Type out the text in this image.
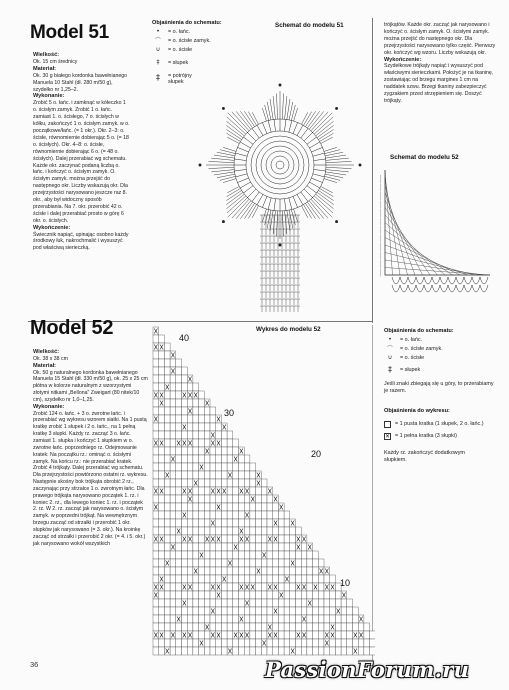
Model 51
Wielkość:
Ok. 15 cm średnicy
Materiał:
Ok. 30 g białego kordonka bawełnianego Manuela 10 Stahl (dł. 280 m/50 g), szydełko nr 1,25–2.
Wykonanie:
Zrobić 5 o. łańc. i zamknąć w kółeczko 1 o. ścisłym zamyk. Zrobić 1 o. łańc. zamiast 1. o. ścisłego, 7 o. ścisłych w kółku, zakończyć 1 o. ścisłym zamyk. w o. początkowe/łańc. (= 1 okr.). Okr. 2–3: o. ścisłe, równomiernie dobierając 5 o. (= 18 o. ścisłych). Okr. 4–8: o. ścisłe, równomiernie dobierając 6 o. (= 48 o. ścisłych). Dalej przerabiać wg schematu. Każde okr. zaczynać podaną liczbą o. łańc. i kończyć o. ścisłym zamyk. O. ścisłym zamyk. można przejść do następnego okr. Liczby wskazują okr. Dla przejrzystości narysowano jeszcze raz 8. okr., aby był widoczny sposób przerabiania. Na 7. okr. przerobić 42 o. ścisłe i dalej przerabiać prosto w górę 6 okr. o. ścisłych.
Wykończenie:
Świecznik napiąć, upinając osobno każdy środkowy łuk, nakrochmalić i wysuszyć pod właściwą sierieczką.
Objaśnienia do schematu:
•	= o. łańc.
⌒	= o. ścisłe zamyk.
∪	= o. ścisłe
‡	= słupek
‡	= potrójny słupek
Schemat do modelu 51	trójkątów. Każde okr. zacząć jak narysowano i kończyć o. ścisłym zamyk. O. ścisłymi zamyk. można przejść do następnego okr. Dla przejrzystości narysowano tylko część. Pierwszy okr. kończyć wg wzoru. Liczby wskazują okr.
Wykończenie:
Szydełkowe trójkąty napiąć i wysuszyć pod właściwymi sierieczkami. Położyć je na tkaninę, zostawiając od brzegu margines 1 cm na naddatek szwu. Brzegi tkaniny zabezpieczyć zygzakiem przed strzępieniem się. Doszyć trójkąty.
Schemat do modelu 52
Model 52
Wielkość:
Ok. 38 x 38 cm
Materiał:
Ok. 50 g naturalnego kordonka bawełnianego Manuela 15 Stahl (dł. 330 m/50 g), ok. 25 x 25 cm płótna w kolorze naturalnym z wzorzystymi złotymi nitkami „Bellona" Zweigart (80 nitek/10 cm), szydełko nr 1,0–1,25.
Wykonanie:
Zrobić 124 o. łańc. + 3 o. zwrotne łańc. i przerabiać wg wykresu wzorem siatki. Na 1 pustą kratkę zrobić 1 słupek i 2 o. łańc., na 1 pełną kratkę 3 słupki. Każdy rz. zacząć 3 o. łańc. zamiast 1. słupka i kończyć 1 słupkiem w o. zwrotne łańc. poprzedniego rz. Odejmowanie kratek: Na początku rz.: ominąć o. ścisłymi zamyk. Na końcu rz.: nie przerabiać kratek. Zrobić 4 trójkąty. Dalej przerabiać wg schematu. Dla przejrzystości powtórzono ostatni rz. wykresu. Następnie skośny bok trójkąta obrobić 2 rz., zaczynając przy strzałce 1 o. zwrotnym łańc. Dla prawego trójkąta narysowano początek 1. rz. i koniec 2. rz., dla lewego koniec 1. rz. i początek 2. rz. W 2. rz. zacząć jak narysowano o. ścisłym zamyk. w poprzedni trójkąt. Na wewnętrznym brzegu zacząć od strzałki i przerobić 1 okr. słupków jak narysowano (= 3. okr.). Na kroinkę zacząć od strzałki i przerobić 2 okr. (= 4. i 5. okr.) jak narysowano wokół wszystkich
Wykres do modelu 52
40
30
20
10
Objaśnienia do schematu:
•	= o. łańc.
⌒	= o. ścisłe zamyk.
∪	= o. ścisłe
‡	= słupek
Jeśli znaki zbiegają się u góry, to przerabiamy je razem.
Objaśnienia do wykresu:
= 1 pusta kratka (1 słupek, 2 o. łańc.)
✕ = 1 pełna kratka (3 słupki)
Każdy rz. zakończyć dodatkowym słupkiem.
36	PassionForum.ru
